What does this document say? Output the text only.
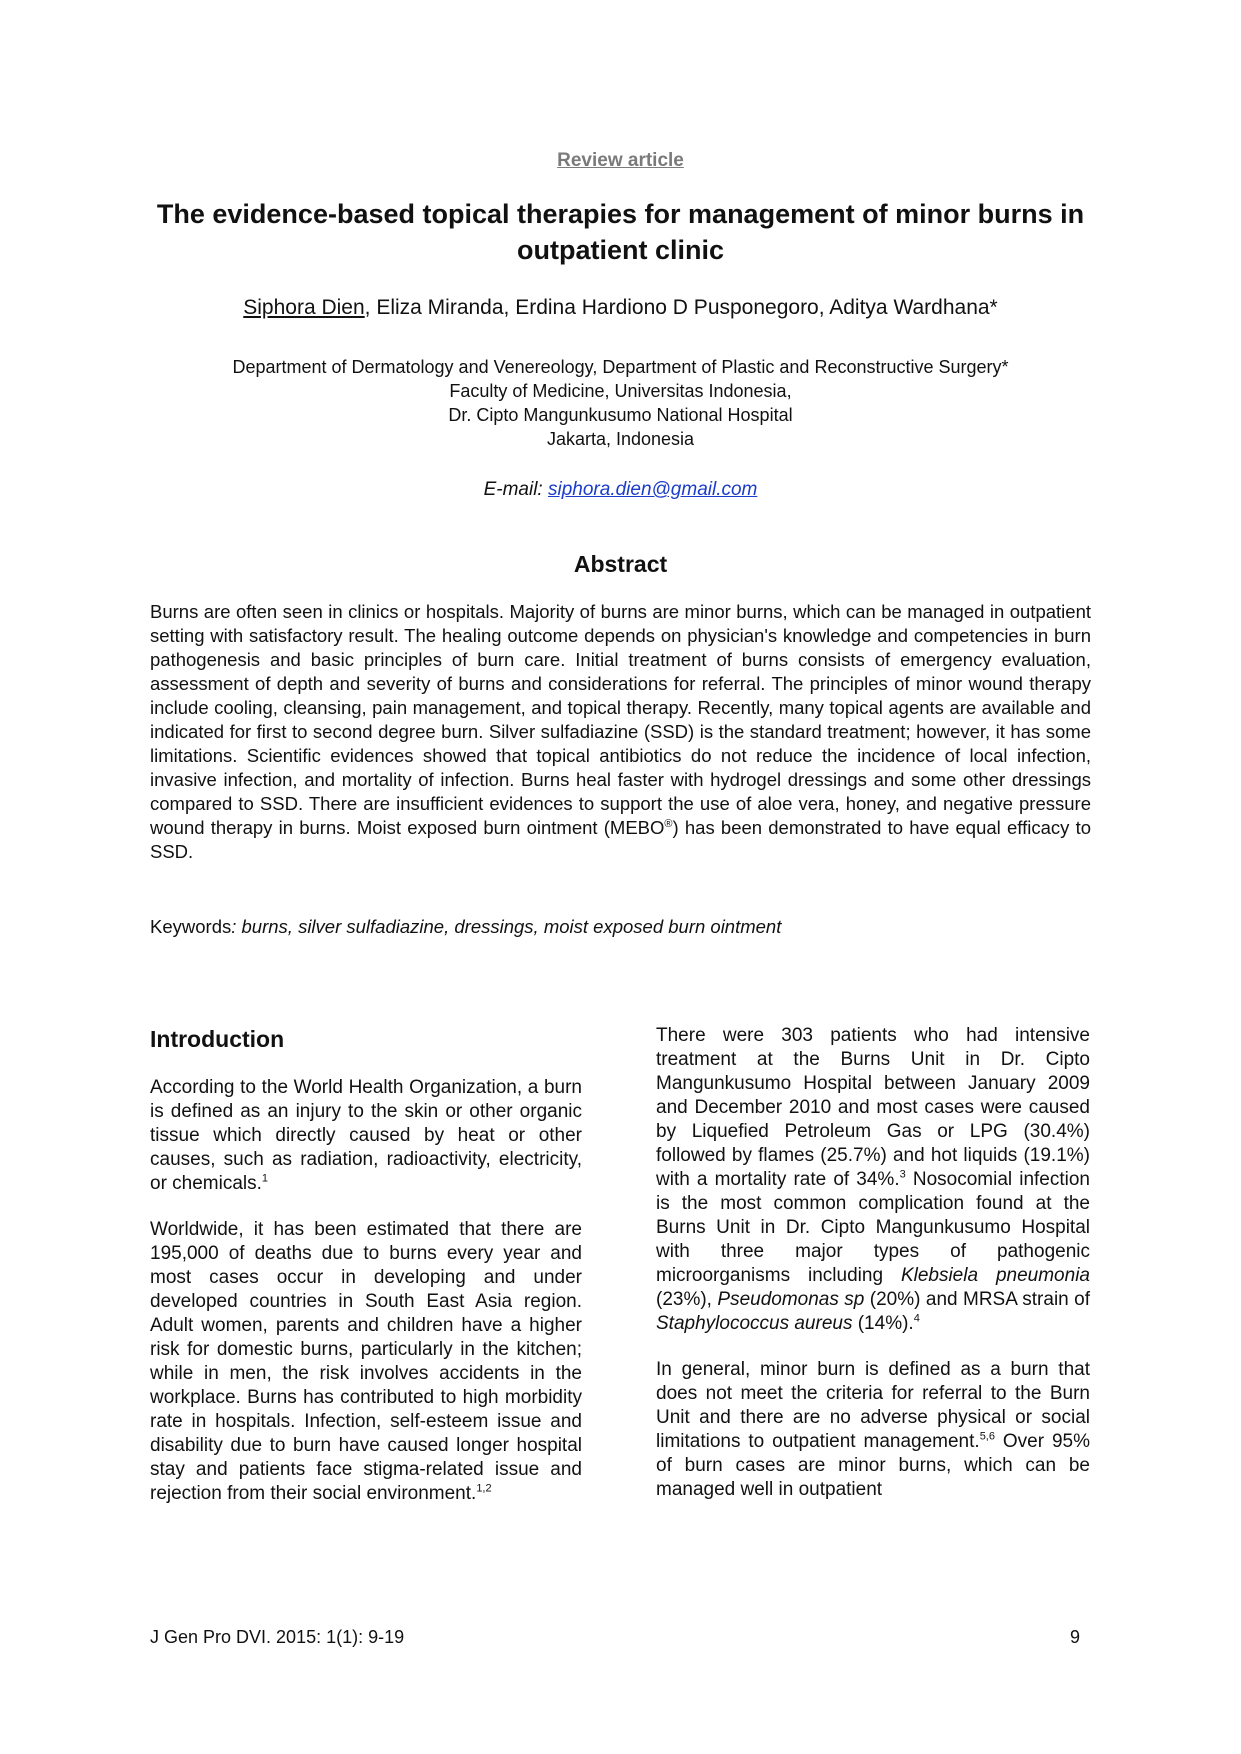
Review article
The evidence-based topical therapies for management of minor burns in outpatient clinic
Siphora Dien, Eliza Miranda, Erdina Hardiono D Pusponegoro, Aditya Wardhana*
Department of Dermatology and Venereology, Department of Plastic and Reconstructive Surgery*
Faculty of Medicine, Universitas Indonesia,
Dr. Cipto Mangunkusumo National Hospital
Jakarta, Indonesia
E-mail: siphora.dien@gmail.com
Abstract
Burns are often seen in clinics or hospitals. Majority of burns are minor burns, which can be managed in outpatient setting with satisfactory result. The healing outcome depends on physician's knowledge and competencies in burn pathogenesis and basic principles of burn care. Initial treatment of burns consists of emergency evaluation, assessment of depth and severity of burns and considerations for referral. The principles of minor wound therapy include cooling, cleansing, pain management, and topical therapy. Recently, many topical agents are available and indicated for first to second degree burn. Silver sulfadiazine (SSD) is the standard treatment; however, it has some limitations. Scientific evidences showed that topical antibiotics do not reduce the incidence of local infection, invasive infection, and mortality of infection. Burns heal faster with hydrogel dressings and some other dressings compared to SSD. There are insufficient evidences to support the use of aloe vera, honey, and negative pressure wound therapy in burns. Moist exposed burn ointment (MEBO®) has been demonstrated to have equal efficacy to SSD.
Keywords: burns, silver sulfadiazine, dressings, moist exposed burn ointment
Introduction

According to the World Health Organization, a burn is defined as an injury to the skin or other organic tissue which directly caused by heat or other causes, such as radiation, radioactivity, electricity, or chemicals.$^1$

Worldwide, it has been estimated that there are 195,000 of deaths due to burns every year and most cases occur in developing and under developed countries in South East Asia region. Adult women, parents and children have a higher risk for domestic burns, particularly in the kitchen; while in men, the risk involves accidents in the workplace. Burns has contributed to high morbidity rate in hospitals. Infection, self-esteem issue and disability due to burn have caused longer hospital stay and patients face stigma-related issue and rejection from their social environment.$^{1,2}$

There were 303 patients who had intensive treatment at the Burns Unit in Dr. Cipto Mangunkusumo Hospital between January 2009 and December 2010 and most cases were caused by Liquefied Petroleum Gas or LPG (30.4%) followed by flames (25.7%) and hot liquids (19.1%) with a mortality rate of 34%.$^3$ Nosocomial infection is the most common complication found at the Burns Unit in Dr. Cipto Mangunkusumo Hospital with three major types of pathogenic microorganisms including Klebsiela pneumonia (23%), Pseudomonas sp (20%) and MRSA strain of Staphylococcus aureus (14%).$^4$

In general, minor burn is defined as a burn that does not meet the criteria for referral to the Burn Unit and there are no adverse physical or social limitations to outpatient management.$^{5,6}$ Over 95% of burn cases are minor burns, which can be managed well in outpatient

J Gen Pro DVI. 2015: 1(1): 9-19	9
